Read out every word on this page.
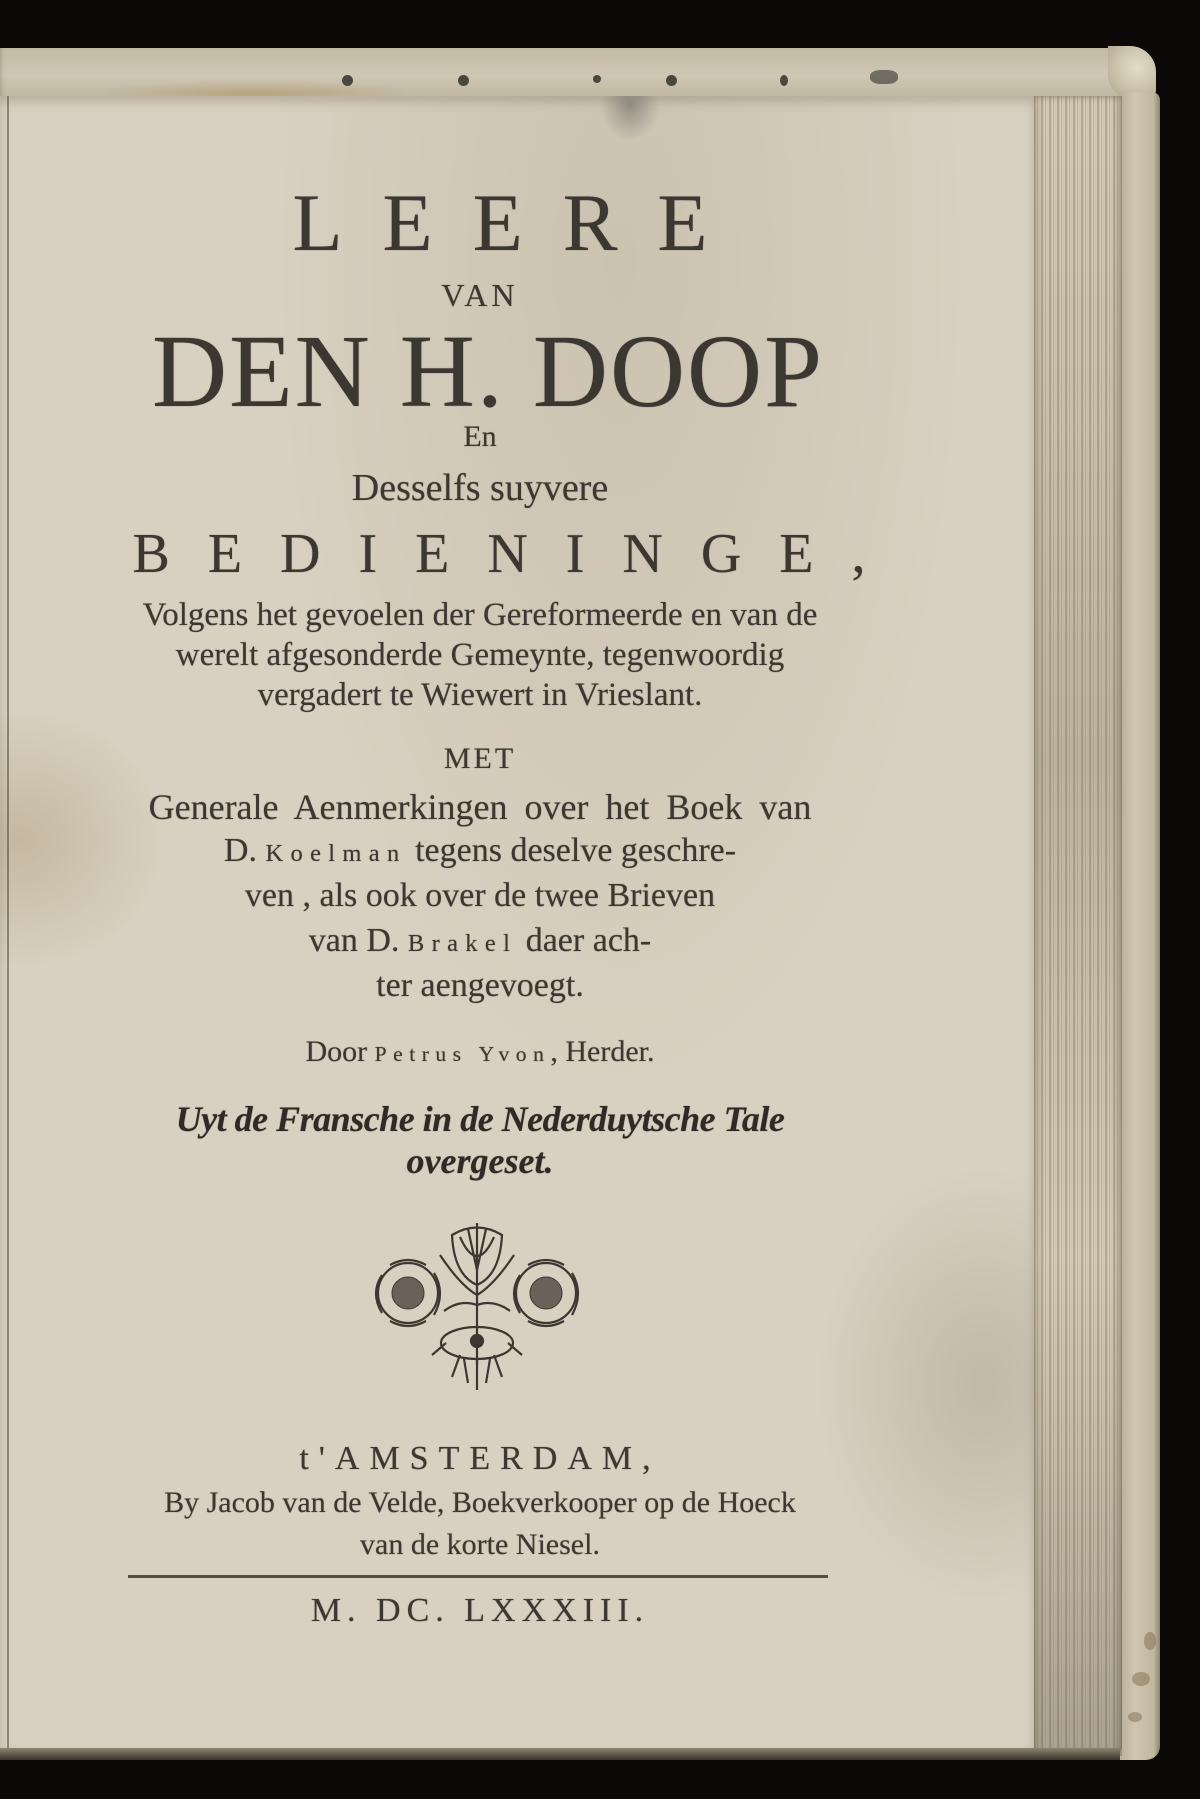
LEERE

VAN

DEN H. DOOP

En

Desselfs suyvere

BEDIENINGE,

Volgens het gevoelen der Gereformeerde en van de

werelt afgesonderde Gemeynte, tegenwoordig

vergadert te Wiewert in Vrieslant.

MET

Generale Aenmerkingen over het Boek van

D. Koelman tegens deselve geschre-

ven , als ook over de twee Brieven

van D. Brakel daer ach-

ter aengevoegt.

Door Petrus Yvon, Herder.

Uyt de Fransche in de Nederduytsche Tale

overgeset.

t'AMSTERDAM,

By Jacob van de Velde, Boekverkooper op de Hoeck

van de korte Niesel.

M. DC. LXXXIII.
